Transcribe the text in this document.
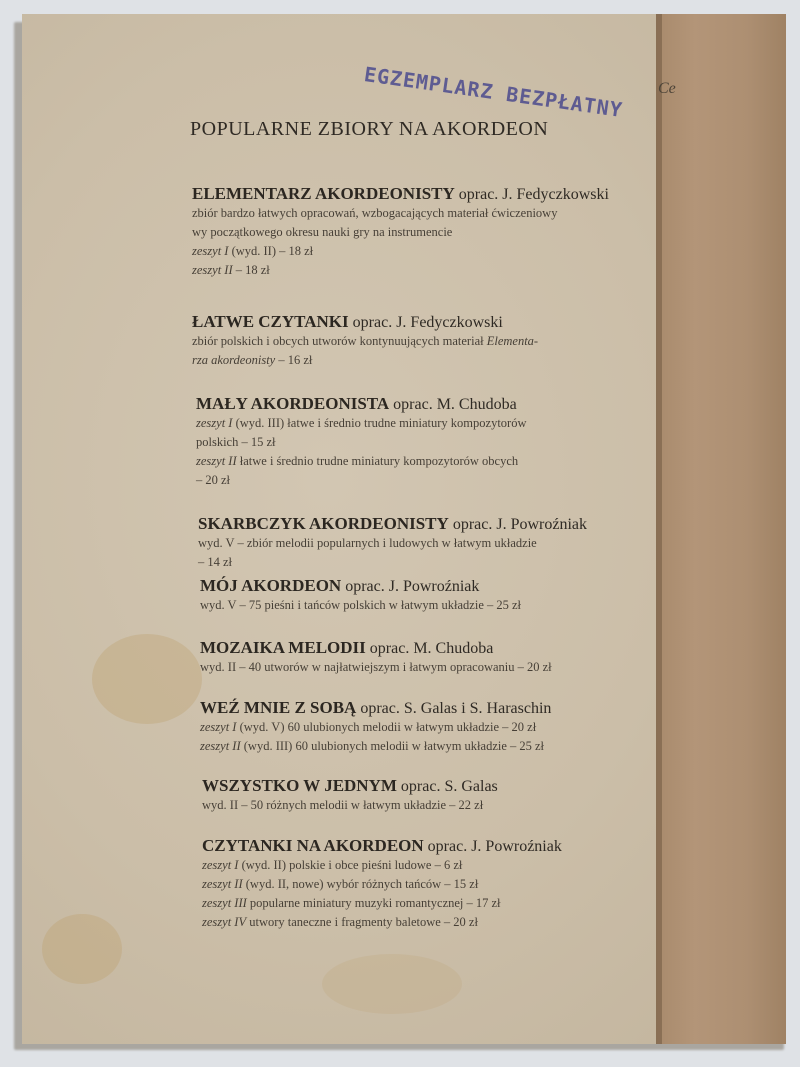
EGZEMPLARZ BEZPŁATNY
POPULARNE ZBIORY NA AKORDEON
ELEMENTARZ AKORDEONISTY oprac. J. Fedyczkowski
zbiór bardzo łatwych opracowań, wzbogacających materiał ćwiczeniowy
wy początkowego okresu nauki gry na instrumencie
zeszyt I (wyd. II) – 18 zł
zeszyt II – 18 zł
ŁATWE CZYTANKI oprac. J. Fedyczkowski
zbiór polskich i obcych utworów kontynuujących materiał Elementa-
rza akordeonisty – 16 zł
MAŁY AKORDEONISTA oprac. M. Chudoba
zeszyt I (wyd. III) łatwe i średnio trudne miniatury kompozytorów
polskich – 15 zł
zeszyt II łatwe i średnio trudne miniatury kompozytorów obcych
– 20 zł
SKARBCZYK AKORDEONISTY oprac. J. Powroźniak
wyd. V – zbiór melodii popularnych i ludowych w łatwym układzie
– 14 zł
MÓJ AKORDEON oprac. J. Powroźniak
wyd. V – 75 pieśni i tańców polskich w łatwym układzie – 25 zł
MOZAIKA MELODII oprac. M. Chudoba
wyd. II – 40 utworów w najłatwiejszym i łatwym opracowaniu – 20 zł
WEŹ MNIE Z SOBĄ oprac. S. Galas i S. Haraschin
zeszyt I (wyd. V) 60 ulubionych melodii w łatwym układzie – 20 zł
zeszyt II (wyd. III) 60 ulubionych melodii w łatwym układzie – 25 zł
WSZYSTKO W JEDNYM oprac. S. Galas
wyd. II – 50 różnych melodii w łatwym układzie – 22 zł
CZYTANKI NA AKORDEON oprac. J. Powroźniak
zeszyt I (wyd. II) polskie i obce pieśni ludowe – 6 zł
zeszyt II (wyd. II, nowe) wybór różnych tańców – 15 zł
zeszyt III popularne miniatury muzyki romantycznej – 17 zł
zeszyt IV utwory taneczne i fragmenty baletowe – 20 zł
Ce
